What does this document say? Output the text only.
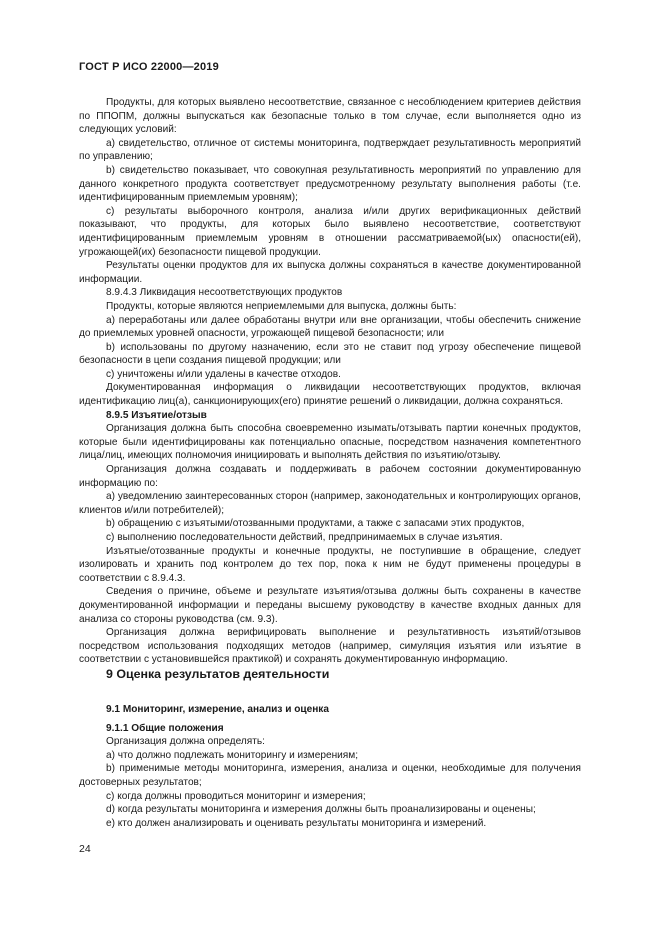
ГОСТ Р ИСО 22000—2019

Продукты, для которых выявлено несоответствие, связанное с несоблюдением критериев действия по ППОПМ, должны выпускаться как безопасные только в том случае, если выполняется одно из следующих условий:

a) свидетельство, отличное от системы мониторинга, подтверждает результативность мероприятий по управлению;

b) свидетельство показывает, что совокупная результативность мероприятий по управлению для данного конкретного продукта соответствует предусмотренному результату выполнения работы (т.е. идентифицированным приемлемым уровням);

c) результаты выборочного контроля, анализа и/или других верификационных действий показывают, что продукты, для которых было выявлено несоответствие, соответствуют идентифицированным приемлемым уровням в отношении рассматриваемой(ых) опасности(ей), угрожающей(их) безопасности пищевой продукции.

Результаты оценки продуктов для их выпуска должны сохраняться в качестве документированной информации.

8.9.4.3 Ликвидация несоответствующих продуктов

Продукты, которые являются неприемлемыми для выпуска, должны быть:

a) переработаны или далее обработаны внутри или вне организации, чтобы обеспечить снижение до приемлемых уровней опасности, угрожающей пищевой безопасности; или

b) использованы по другому назначению, если это не ставит под угрозу обеспечение пищевой безопасности в цепи создания пищевой продукции; или

c) уничтожены и/или удалены в качестве отходов.

Документированная информация о ликвидации несоответствующих продуктов, включая идентификацию лиц(а), санкционирующих(его) принятие решений о ликвидации, должна сохраняться.

8.9.5 Изъятие/отзыв

Организация должна быть способна своевременно изымать/отзывать партии конечных продуктов, которые были идентифицированы как потенциально опасные, посредством назначения компетентного лица/лиц, имеющих полномочия инициировать и выполнять действия по изъятию/отзыву.

Организация должна создавать и поддерживать в рабочем состоянии документированную информацию по:

a) уведомлению заинтересованных сторон (например, законодательных и контролирующих органов, клиентов и/или потребителей);

b) обращению с изъятыми/отозванными продуктами, а также с запасами этих продуктов,

c) выполнению последовательности действий, предпринимаемых в случае изъятия.

Изъятые/отозванные продукты и конечные продукты, не поступившие в обращение, следует изолировать и хранить под контролем до тех пор, пока к ним не будут применены процедуры в соответствии с 8.9.4.3.

Сведения о причине, объеме и результате изъятия/отзыва должны быть сохранены в качестве документированной информации и переданы высшему руководству в качестве входных данных для анализа со стороны руководства (см. 9.3).

Организация должна верифицировать выполнение и результативность изъятий/отзывов посредством использования подходящих методов (например, симуляция изъятия или изъятие в соответствии с установившейся практикой) и сохранять документированную информацию.

9 Оценка результатов деятельности

9.1 Мониторинг, измерение, анализ и оценка

9.1.1 Общие положения

Организация должна определять:

a) что должно подлежать мониторингу и измерениям;

b) применимые методы мониторинга, измерения, анализа и оценки, необходимые для получения достоверных результатов;

c) когда должны проводиться мониторинг и измерения;

d) когда результаты мониторинга и измерения должны быть проанализированы и оценены;

e) кто должен анализировать и оценивать результаты мониторинга и измерений.

24
